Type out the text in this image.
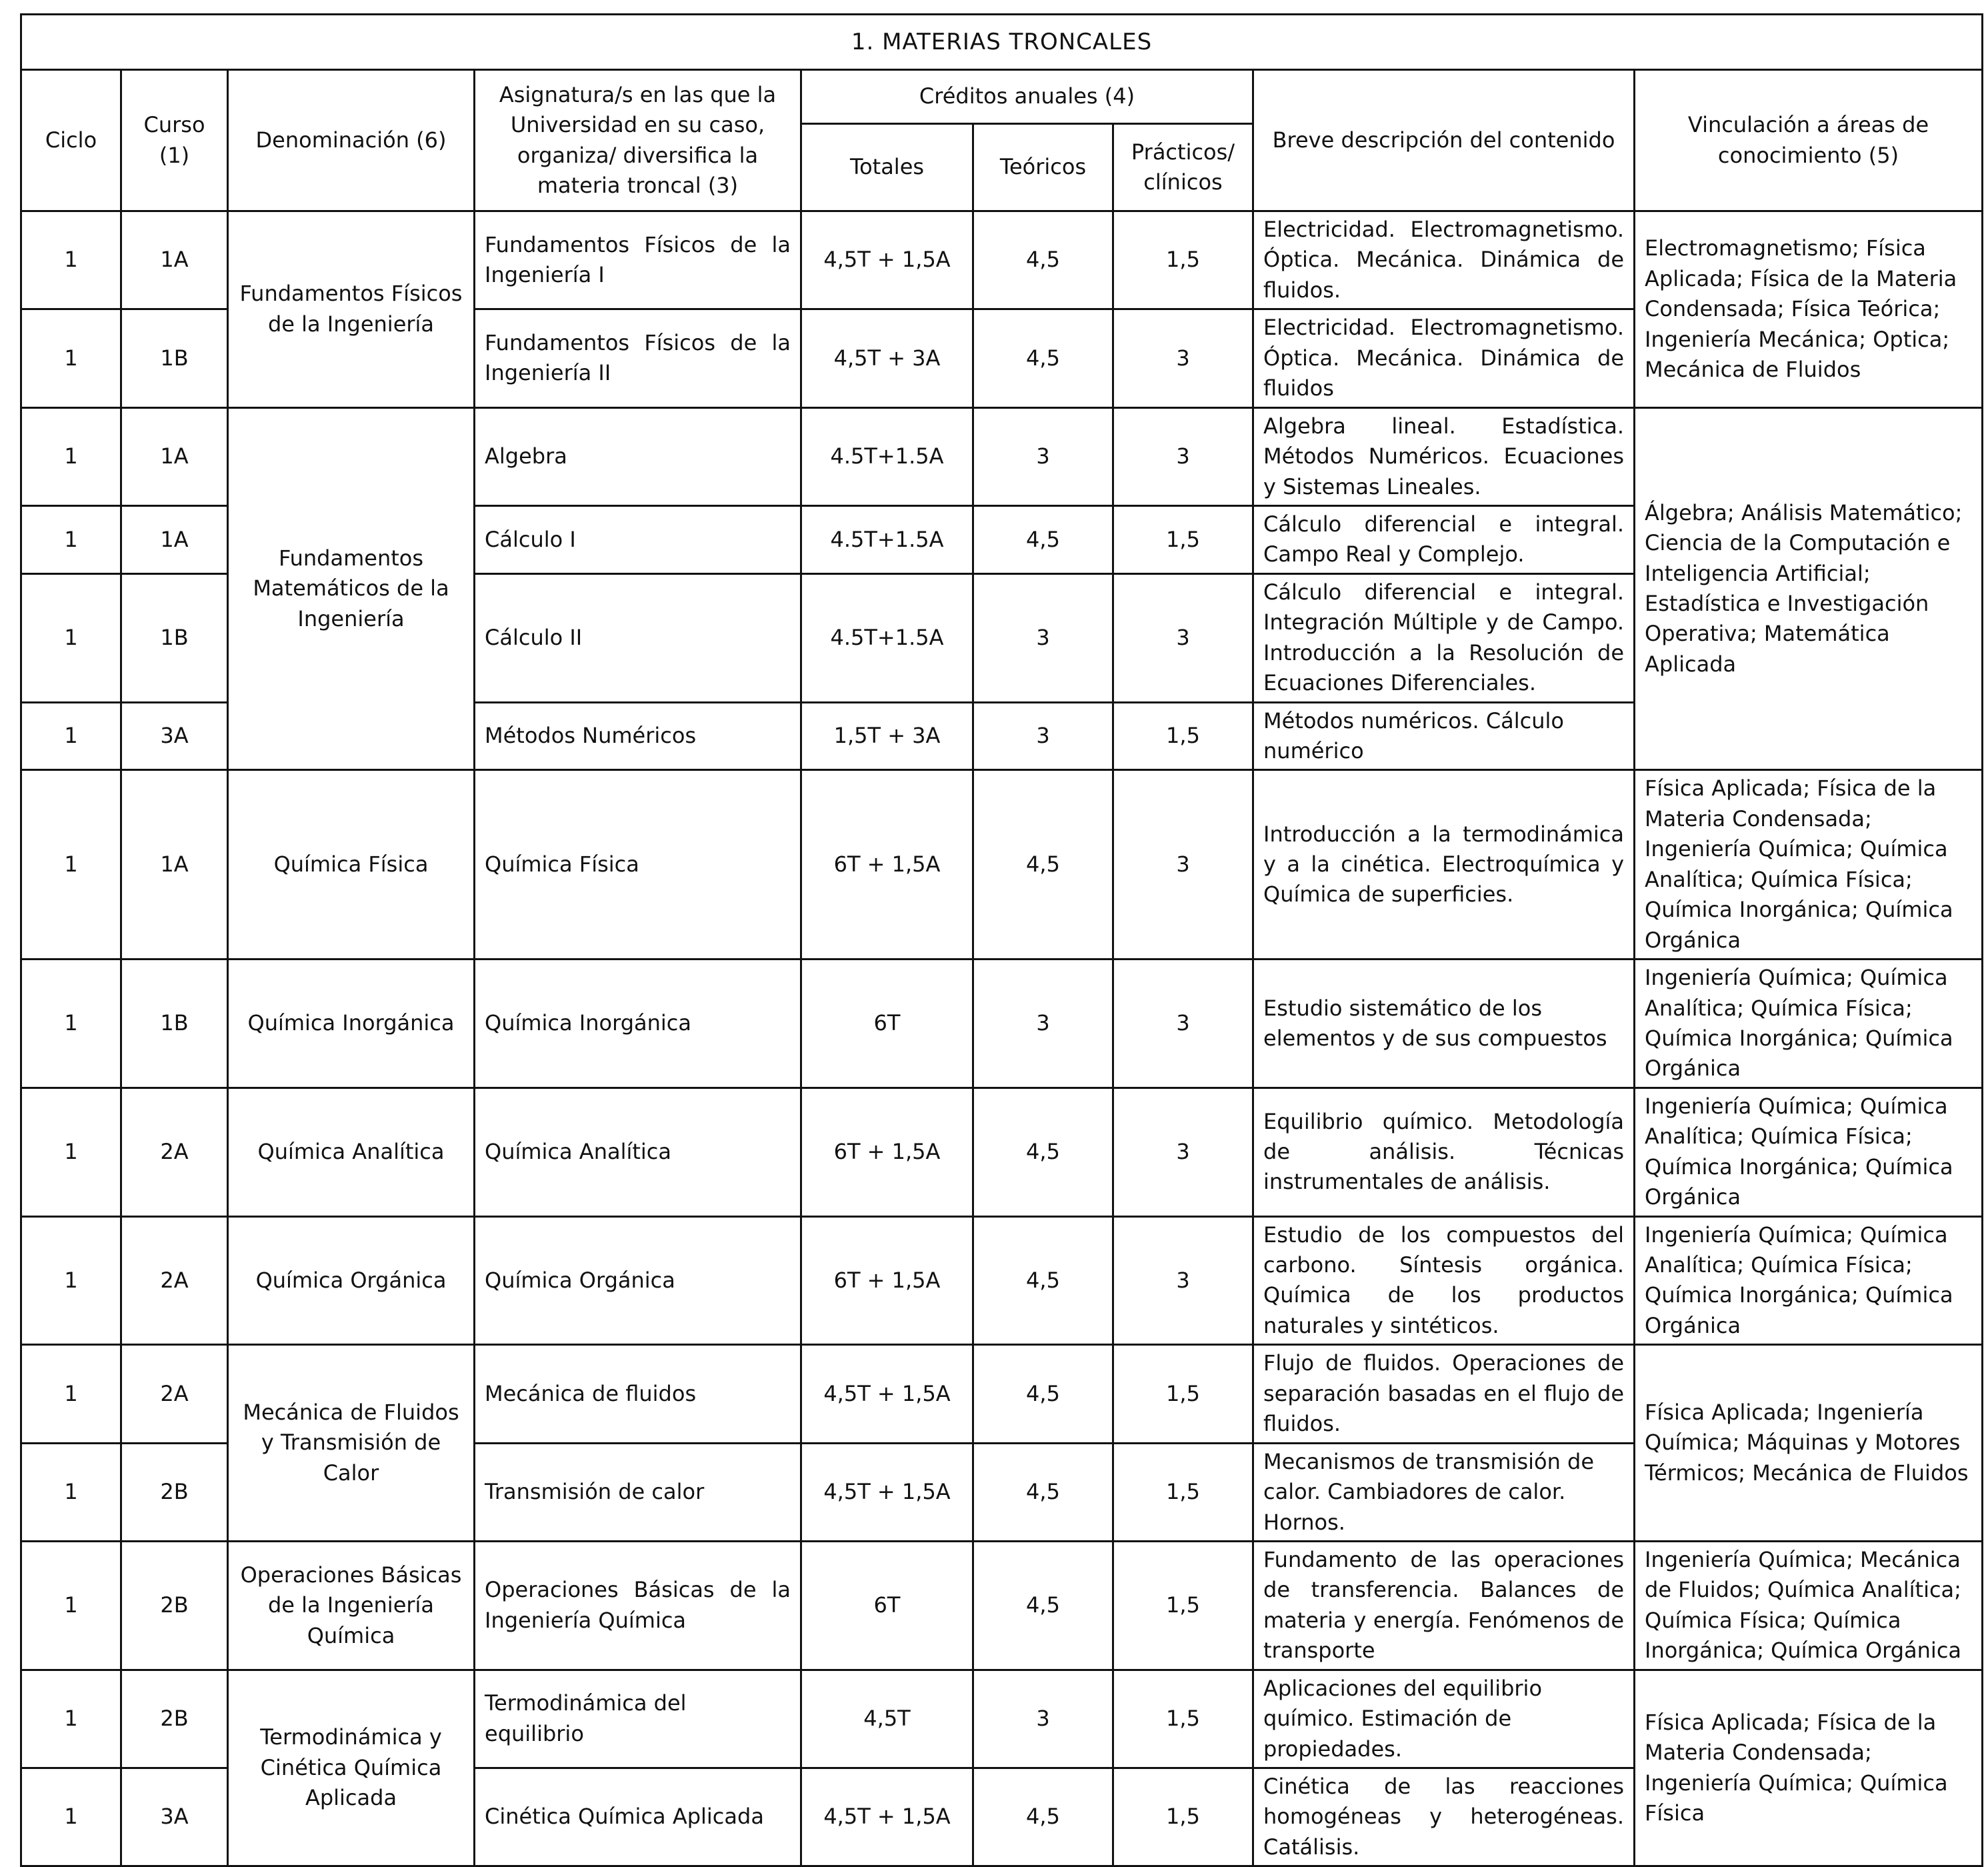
1. MATERIAS TRONCALES								
Ciclo	Curso (1)	Denominación (6)	Asignatura/s en las que la Universidad en su caso, organiza/ diversifica la materia troncal (3)	Créditos anuales (4)			Breve descripción del contenido	Vinculación a áreas de conocimiento (5)
				Totales	Teóricos	Prácticos/ clínicos		
1	1A	Fundamentos Físicos de la Ingeniería	Fundamentos Físicos de la Ingeniería I	4,5T + 1,5A	4,5	1,5	Electricidad. Electromagnetismo. Óptica. Mecánica. Dinámica de fluidos.	Electromagnetismo; Física Aplicada; Física de la Materia Condensada; Física Teórica; Ingeniería Mecánica; Optica; Mecánica de Fluidos
1	1B		Fundamentos Físicos de la Ingeniería II	4,5T + 3A	4,5	3	Electricidad. Electromagnetismo. Óptica. Mecánica. Dinámica de fluidos	
1	1A	Fundamentos Matemáticos de la Ingeniería	Algebra	4.5T+1.5A	3	3	Algebra lineal. Estadística. Métodos Numéricos. Ecuaciones y Sistemas Lineales.	Álgebra; Análisis Matemático; Ciencia de la Computación e Inteligencia Artificial; Estadística e Investigación Operativa; Matemática Aplicada
1	1A		Cálculo I	4.5T+1.5A	4,5	1,5	Cálculo diferencial e integral. Campo Real y Complejo.	
1	1B		Cálculo II	4.5T+1.5A	3	3	Cálculo diferencial e integral. Integración Múltiple y de Campo. Introducción a la Resolución de Ecuaciones Diferenciales.	
1	3A		Métodos Numéricos	1,5T + 3A	3	1,5	Métodos numéricos. Cálculo numérico	
1	1A	Química Física	Química Física	6T + 1,5A	4,5	3	Introducción a la termodinámica y a la cinética. Electroquímica y Química de superficies.	Física Aplicada; Física de la Materia Condensada; Ingeniería Química; Química Analítica; Química Física; Química Inorgánica; Química Orgánica
1	1B	Química Inorgánica	Química Inorgánica	6T	3	3	Estudio sistemático de los elementos y de sus compuestos	Ingeniería Química; Química Analítica; Química Física; Química Inorgánica; Química Orgánica
1	2A	Química Analítica	Química Analítica	6T + 1,5A	4,5	3	Equilibrio químico. Metodología de análisis. Técnicas instrumentales de análisis.	Ingeniería Química; Química Analítica; Química Física; Química Inorgánica; Química Orgánica
1	2A	Química Orgánica	Química Orgánica	6T + 1,5A	4,5	3	Estudio de los compuestos del carbono. Síntesis orgánica. Química de los productos naturales y sintéticos.	Ingeniería Química; Química Analítica; Química Física; Química Inorgánica; Química Orgánica
1	2A	Mecánica de Fluidos y Transmisión de Calor	Mecánica de fluidos	4,5T + 1,5A	4,5	1,5	Flujo de fluidos. Operaciones de separación basadas en el flujo de fluidos.	Física Aplicada; Ingeniería Química; Máquinas y Motores Térmicos; Mecánica de Fluidos
1	2B		Transmisión de calor	4,5T + 1,5A	4,5	1,5	Mecanismos de transmisión de calor. Cambiadores de calor. Hornos.	
1	2B	Operaciones Básicas de la Ingeniería Química	Operaciones Básicas de la Ingeniería Química	6T	4,5	1,5	Fundamento de las operaciones de transferencia. Balances de materia y energía. Fenómenos de transporte	Ingeniería Química; Mecánica de Fluidos; Química Analítica; Química Física; Química Inorgánica; Química Orgánica
1	2B	Termodinámica y Cinética Química Aplicada	Termodinámica del equilibrio	4,5T	3	1,5	Aplicaciones del equilibrio químico. Estimación de propiedades.	Física Aplicada; Física de la Materia Condensada; Ingeniería Química; Química Física
1	3A		Cinética Química Aplicada	4,5T + 1,5A	4,5	1,5	Cinética de las reacciones homogéneas y heterogéneas. Catálisis.	
